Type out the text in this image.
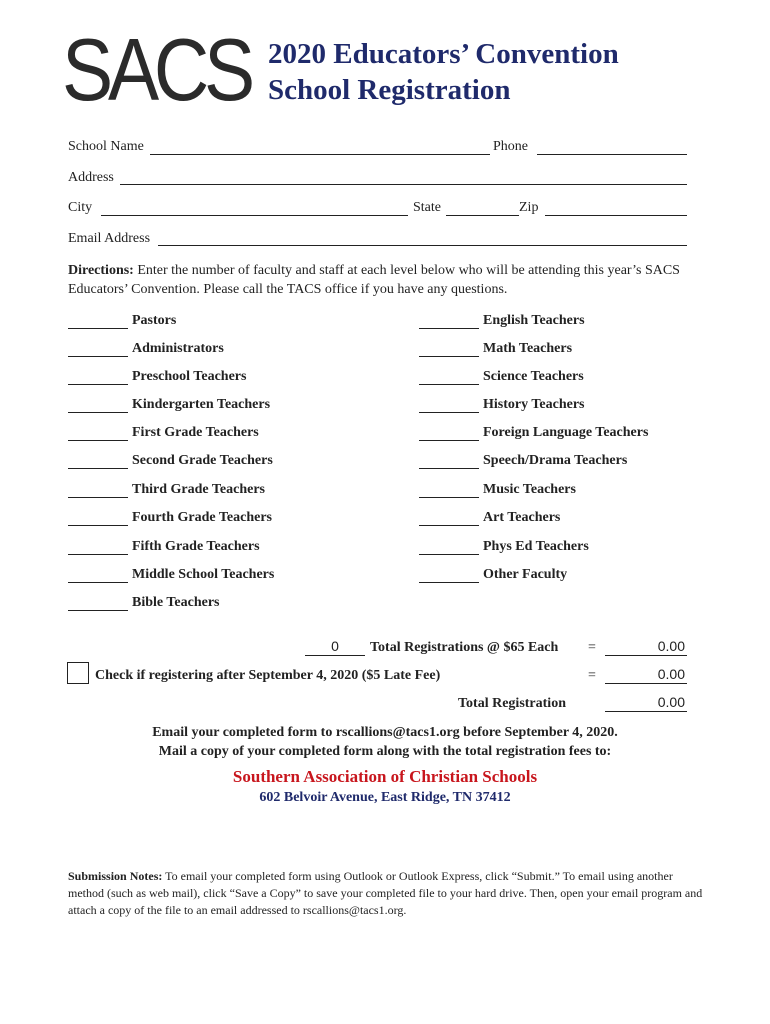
SACS 2020 Educators’ Convention
School Registration
School Name	Phone
Address
City	State	Zip
Email Address
Directions: Enter the number of faculty and staff at each level below who will be attending this year’s SACS Educators’ Convention. Please call the TACS office if you have any questions.
Pastors
Administrators
Preschool Teachers
Kindergarten Teachers
First Grade Teachers
Second Grade Teachers
Third Grade Teachers
Fourth Grade Teachers
Fifth Grade Teachers
Middle School Teachers
Bible Teachers
English Teachers
Math Teachers
Science Teachers
History Teachers
Foreign Language Teachers
Speech/Drama Teachers
Music Teachers
Art Teachers
Phys Ed Teachers
Other Faculty
0	Total Registrations @ $65 Each =	0.00
Check if registering after September 4, 2020 ($5 Late Fee)	=	0.00
Total Registration	0.00
Email your completed form to rscallions@tacs1.org before September 4, 2020.
Mail a copy of your completed form along with the total registration fees to:
Southern Association of Christian Schools
602 Belvoir Avenue, East Ridge, TN 37412
Submission Notes: To email your completed form using Outlook or Outlook Express, click “Submit.” To email using another method (such as web mail), click “Save a Copy” to save your completed file to your hard drive. Then, open your email program and attach a copy of the file to an email addressed to rscallions@tacs1.org.
